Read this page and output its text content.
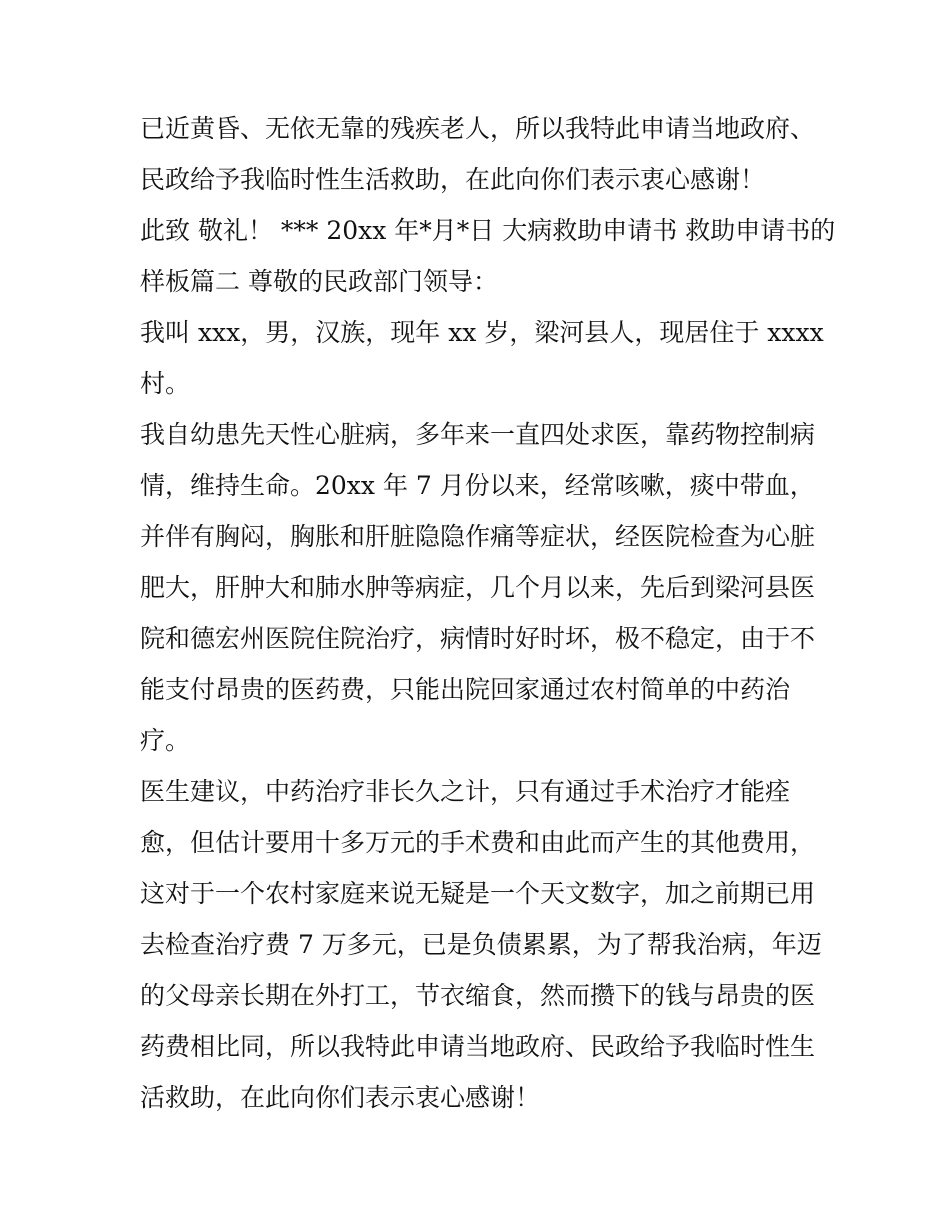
已近黄昏、无依无靠的残疾老人，所以我特此申请当地政府、
民政给予我临时性生活救助，在此向你们表示衷心感谢！
此致 敬礼！ *** 20xx 年*月*日 大病救助申请书 救助申请书的
样板篇二 尊敬的民政部门领导：
我叫 xxx，男，汉族，现年 xx 岁，梁河县人，现居住于 xxxx
村。
我自幼患先天性心脏病，多年来一直四处求医，靠药物控制病
情，维持生命。20xx 年 7 月份以来，经常咳嗽，痰中带血，
并伴有胸闷，胸胀和肝脏隐隐作痛等症状，经医院检查为心脏
肥大，肝肿大和肺水肿等病症，几个月以来，先后到梁河县医
院和德宏州医院住院治疗，病情时好时坏，极不稳定，由于不
能支付昂贵的医药费，只能出院回家通过农村简单的中药治
疗。
医生建议，中药治疗非长久之计，只有通过手术治疗才能痊
愈，但估计要用十多万元的手术费和由此而产生的其他费用，
这对于一个农村家庭来说无疑是一个天文数字，加之前期已用
去检查治疗费 7 万多元，已是负债累累，为了帮我治病，年迈
的父母亲长期在外打工，节衣缩食，然而攒下的钱与昂贵的医
药费相比同，所以我特此申请当地政府、民政给予我临时性生
活救助，在此向你们表示衷心感谢！
